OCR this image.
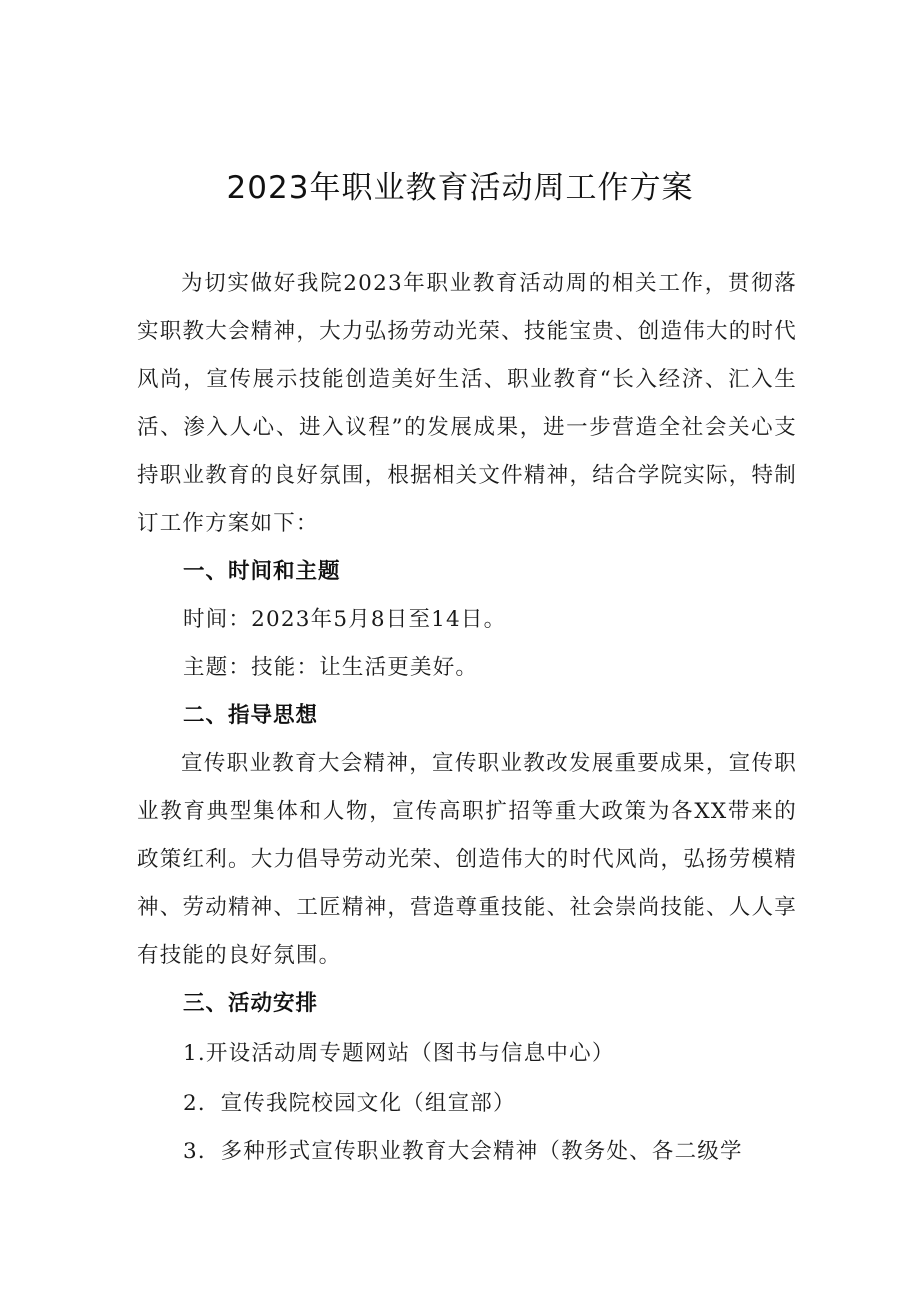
2023年职业教育活动周工作方案
为切实做好我院2023年职业教育活动周的相关工作，贯彻落实职教大会精神，大力弘扬劳动光荣、技能宝贵、创造伟大的时代风尚，宣传展示技能创造美好生活、职业教育“长入经济、汇入生活、渗入人心、进入议程”的发展成果，进一步营造全社会关心支持职业教育的良好氛围，根据相关文件精神，结合学院实际，特制订工作方案如下：
一、时间和主题
时间：2023年5月8日至14日。
主题：技能：让生活更美好。
二、指导思想
宣传职业教育大会精神，宣传职业教改发展重要成果，宣传职业教育典型集体和人物，宣传高职扩招等重大政策为各XX带来的政策红利。大力倡导劳动光荣、创造伟大的时代风尚，弘扬劳模精神、劳动精神、工匠精神，营造尊重技能、社会崇尚技能、人人享有技能的良好氛围。
三、活动安排
1.开设活动周专题网站（图书与信息中心）
2．宣传我院校园文化（组宣部）
3．多种形式宣传职业教育大会精神（教务处、各二级学
